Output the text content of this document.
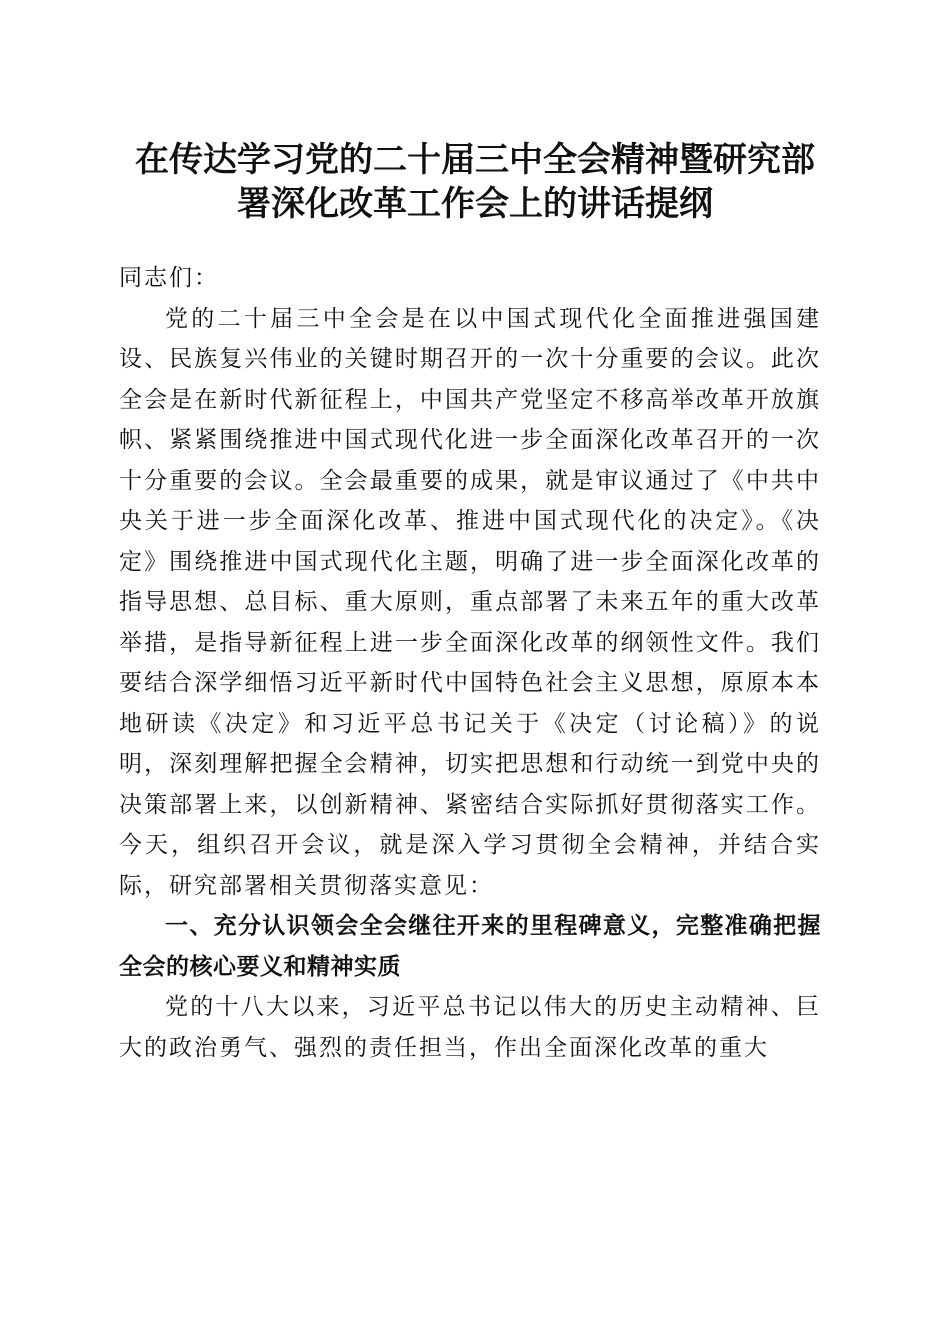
在传达学习党的二十届三中全会精神暨研究部
署深化改革工作会上的讲话提纲

同志们：

党的二十届三中全会是在以中国式现代化全面推进强国建设、民族复兴伟业的关键时期召开的一次十分重要的会议。此次全会是在新时代新征程上，中国共产党坚定不移高举改革开放旗帜、紧紧围绕推进中国式现代化进一步全面深化改革召开的一次十分重要的会议。全会最重要的成果，就是审议通过了《中共中央关于进一步全面深化改革、推进中国式现代化的决定》。《决定》围绕推进中国式现代化主题，明确了进一步全面深化改革的指导思想、总目标、重大原则，重点部署了未来五年的重大改革举措，是指导新征程上进一步全面深化改革的纲领性文件。我们要结合深学细悟习近平新时代中国特色社会主义思想，原原本本地研读《决定》和习近平总书记关于《决定（讨论稿）》的说明，深刻理解把握全会精神，切实把思想和行动统一到党中央的决策部署上来，以创新精神、紧密结合实际抓好贯彻落实工作。今天，组织召开会议，就是深入学习贯彻全会精神，并结合实际，研究部署相关贯彻落实意见：

一、充分认识领会全会继往开来的里程碑意义，完整准确把握全会的核心要义和精神实质

党的十八大以来，习近平总书记以伟大的历史主动精神、巨大的政治勇气、强烈的责任担当，作出全面深化改革的重大
